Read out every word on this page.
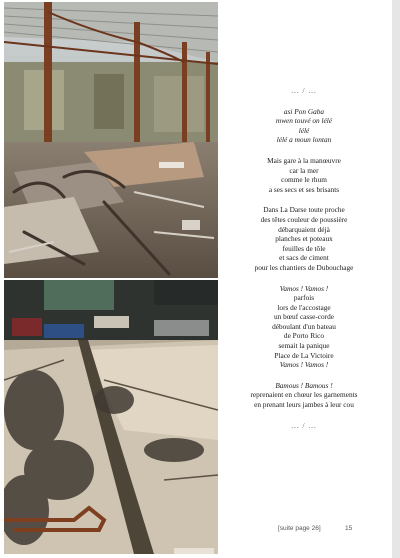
... / ...
asi Pon Gaba
mwen touvé on lélé
lélé
lélé a moun lontan
Mais gare à la manœuvre
car la mer
comme le rhum
a ses secs et ses brisants
Dans La Darse toute proche
des têtes couleur de poussière
débarquaient déjà
planches et poteaux
feuilles de tôle
et sacs de ciment
pour les chantiers de Dubouchage
Vamos ! Vamos !
parfois
lors de l'accostage
un bœuf casse-corde
déboulant d'un bateau
de Porto Rico
semait la panique
Place de La Victoire
Vamos ! Vamos !
Bamous ! Bamous !
reprenaient en chœur les garnements
en prenant leurs jambes à leur cou
... / ...
[suite page 26]	15
